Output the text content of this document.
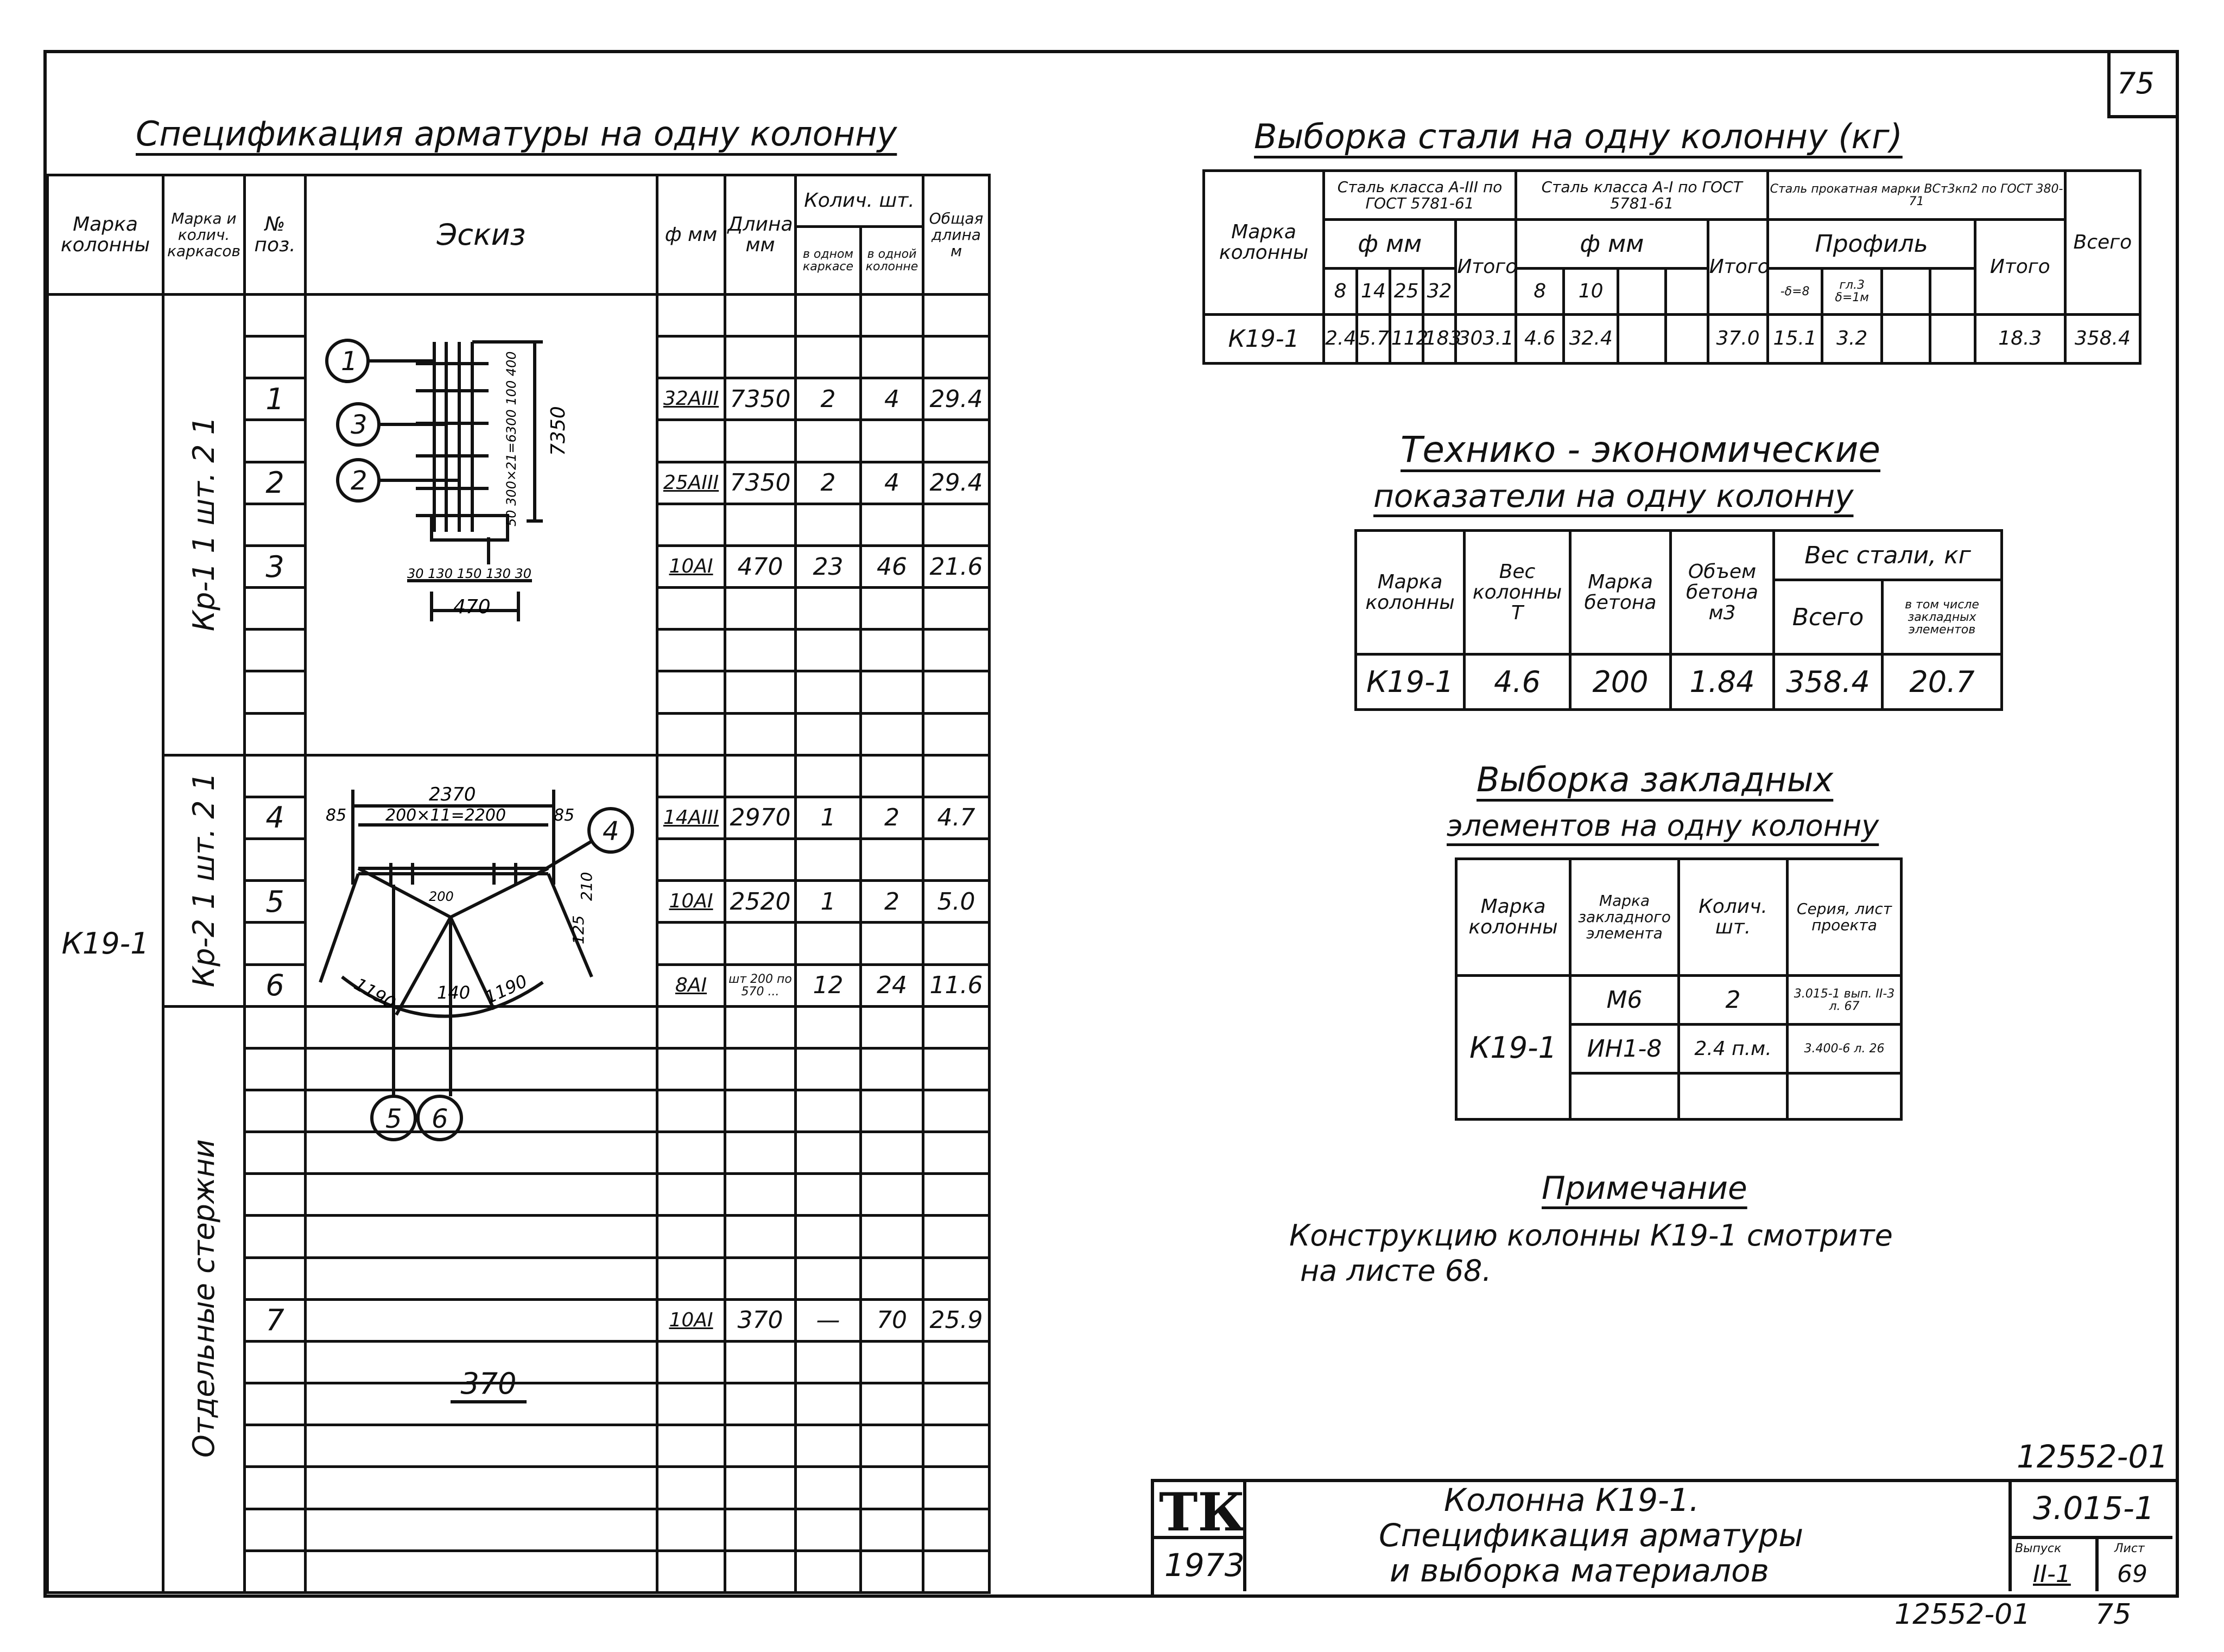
75
Спецификация арматуры на одну колонну
Марка колонны	Марка и колич. каркасов	№ поз.	Эскиз	ф мм	Длина мм	Колич. шт.		Общая длина м
						в одном каркасе	в одной колонне	
К19-1	Кр-1 1 шт. 2 1							

		1		32АIII	7350	2	4	29.4

		2		25АIII	7350	2	4	29.4

		3		10АI	470	23	46	21.6

	Кр-2 1 шт. 2 1							
		4		14АIII	2970	1	2	4.7

		5		10АI	2520	1	2	5.0

		6		8АI	шт 200 по 570 ...	12	24	11.6
	Отдельные стержни							

		7		10АI	370	—	70	25.9

1
3
2
7350
50 300×21=6300 100 400
30 130 150 130 30
470
4
5 6
2370
200×11=2200
85	85
200
1190	1190
140
210
125
370
Выборка стали на одну колонну (кг)
Марка колонны	Сталь класса А-III по ГОСТ 5781-61					Сталь класса А-I по ГОСТ 5781-61					Сталь прокатная марки ВСт3кп2 по ГОСТ 380-71					Всего
	ф мм				Итого	ф мм				Итого	Профиль				Итого	
	8	14	25	32		8	10				-δ=8	гл.3 δ=1м				
К19-1	2.4	5.7	112	183	303.1	4.6	32.4			37.0	15.1	3.2			18.3	358.4
Технико - экономические
показатели на одну колонну
Марка колонны	Вес колонны Т	Марка бетона	Объем бетона м3	Вес стали, кг	
				Всего	в том числе закладных элементов
К19-1	4.6	200	1.84	358.4	20.7
Выборка закладных
элементов на одну колонну
Марка колонны	Марка закладного элемента	Колич. шт.	Серия, лист проекта
К19-1	М6	2	3.015-1 вып. II-3 л. 67
	ИН1-8	2.4 п.м.	3.400-6 л. 26

Примечание
Конструкцию колонны К19-1 смотрите
на листе 68.
12552-01
ТК
1973
Колонна К19-1.
Спецификация арматуры
и выборка материалов
3.015-1
Выпуск
II-1
Лист
69
12552-01 75
